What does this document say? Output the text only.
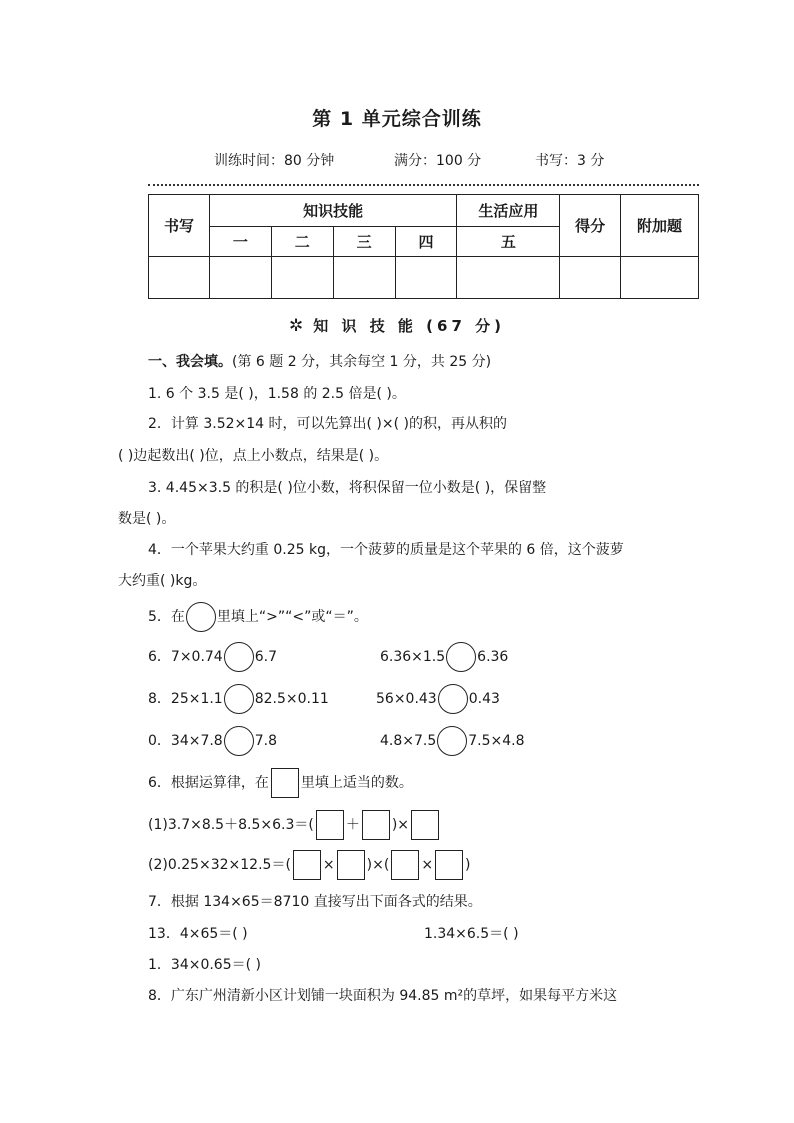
第 1 单元综合训练
训练时间：80 分钟	满分：100 分	书写：3 分
书写	知识技能				生活应用	得分	附加题
	一	二	三	四	五		

✲ 知 识 技 能 (67 分)
一、我会填。(第 6 题 2 分，其余每空 1 分，共 25 分)
1. 6 个 3.5 是( )，1.58 的 2.5 倍是( )。
2．计算 3.52×14 时，可以先算出( )×( )的积，再从积的
( )边起数出( )位，点上小数点，结果是( )。
3. 4.45×3.5 的积是( )位小数，将积保留一位小数是( )，保留整
数是( )。
4．一个苹果大约重 0.25 kg，一个菠萝的质量是这个苹果的 6 倍，这个菠萝
大约重( )kg。
5．在 里填上“>”“<”或“＝”。
6．7×0.74 6.7	6.36×1.5 6.36
8．25×1.1 82.5×0.11	56×0.43 0.43
0．34×7.8 7.8	4.8×7.5 7.5×4.8
6．根据运算律，在 里填上适当的数。
(1)3.7×8.5＋8.5×6.3＝( ＋ )×
(2)0.25×32×12.5＝( × )×( × )
7．根据 134×65＝8710 直接写出下面各式的结果。
13．4×65＝( )	1.34×6.5＝( )
1．34×0.65＝( )
8．广东广州清新小区计划铺一块面积为 94.85 m²的草坪，如果每平方米这
